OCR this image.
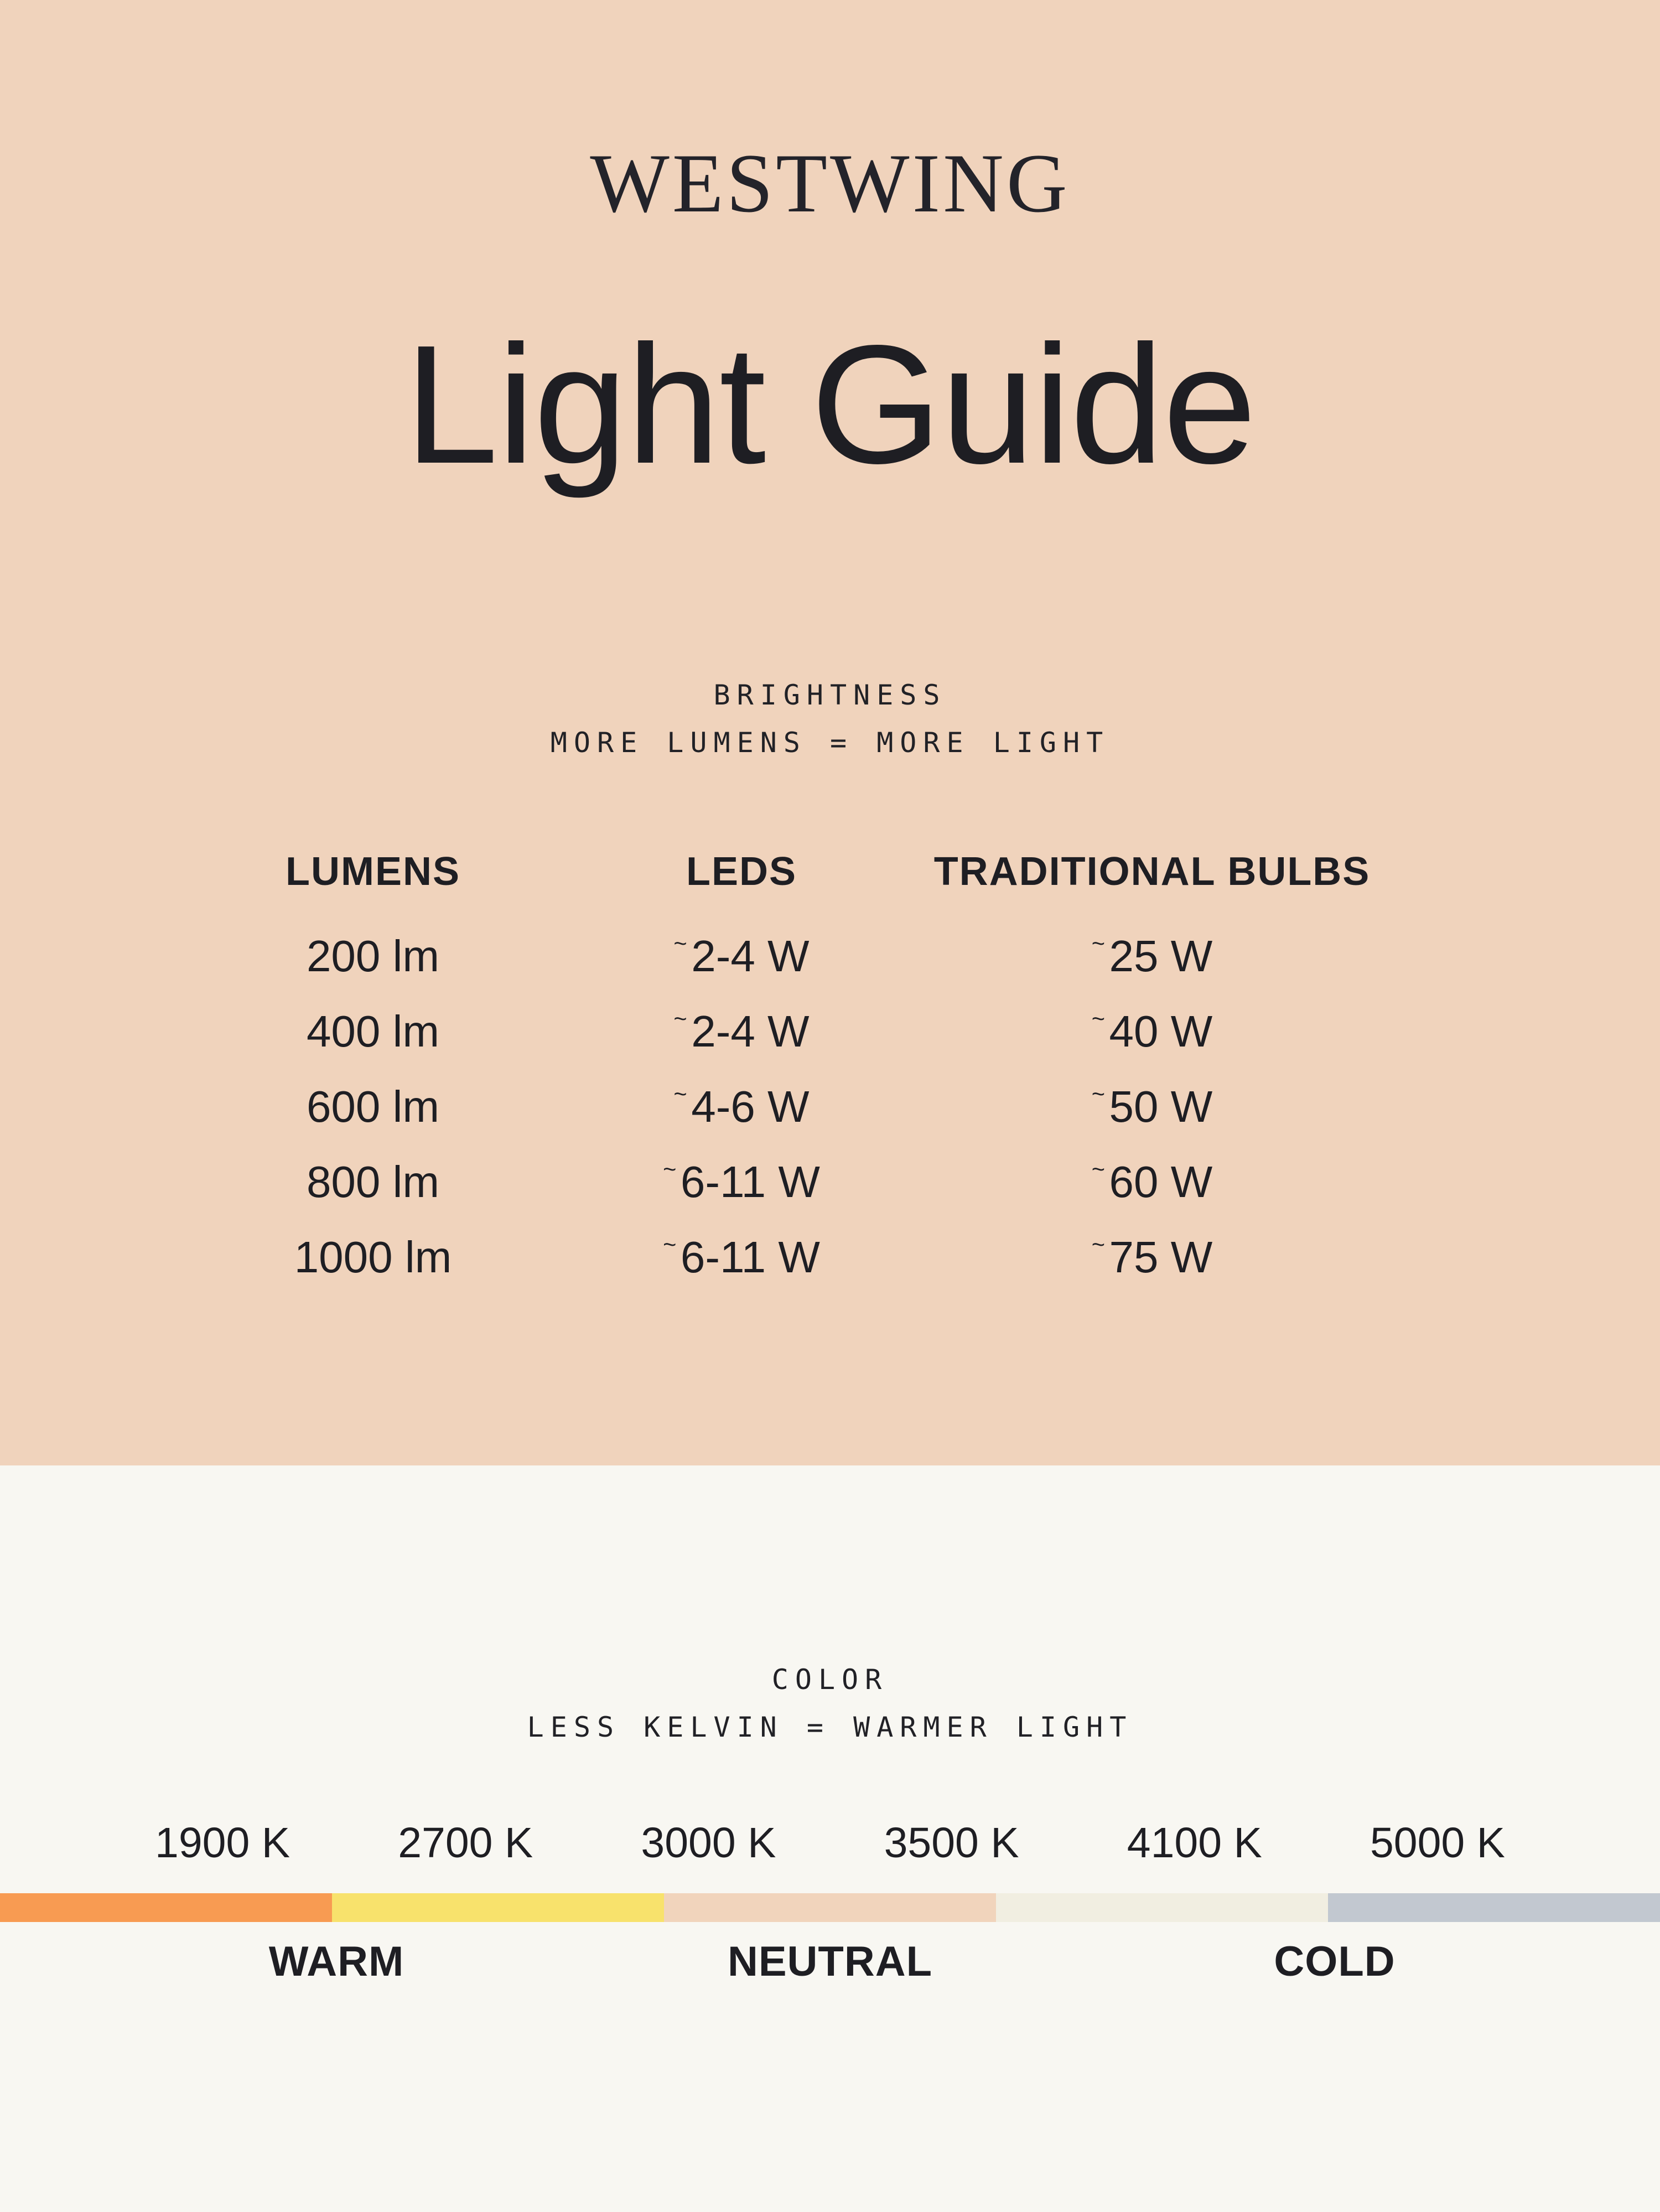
WESTWING
Light Guide
BRIGHTNESS
MORE LUMENS = MORE LIGHT
LUMENS	LEDS	TRADITIONAL BULBS
200 lm	~ 2-4 W	~ 25 W
400 lm	~ 2-4 W	~ 40 W
600 lm	~ 4-6 W	~ 50 W
800 lm	~ 6-11 W	~ 60 W
1000 lm	~ 6-11 W	~ 75 W
COLOR
LESS KELVIN = WARMER LIGHT
1900 K	2700 K	3000 K	3500 K	4100 K	5000 K
WARM	NEUTRAL	COLD
